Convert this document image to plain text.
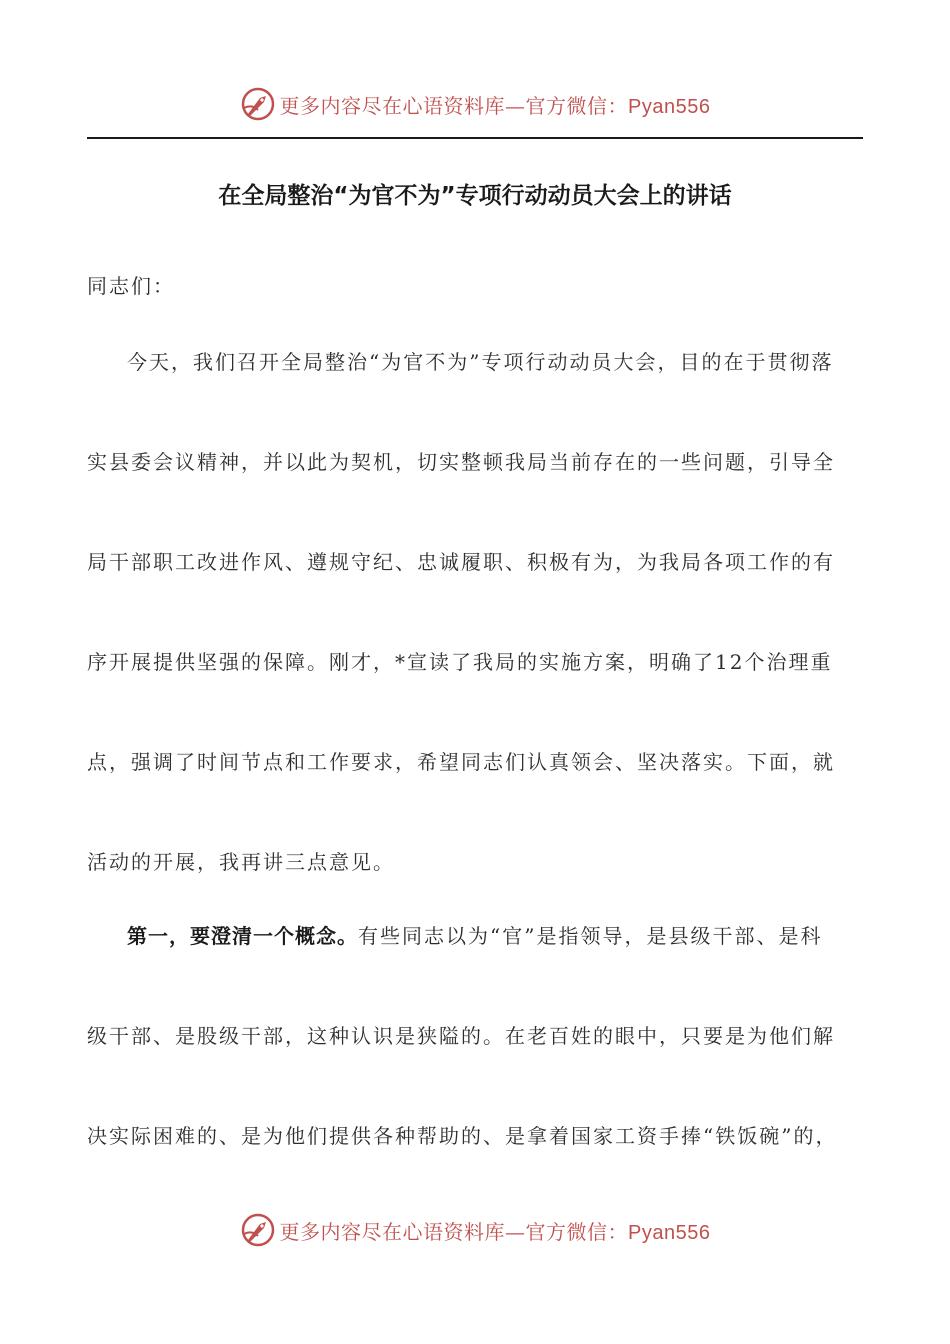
更多内容尽在心语资料库—官方微信：Pyan556
在全局整治“为官不为”专项行动动员大会上的讲话
同志们：
今天，我们召开全局整治“为官不为”专项行动动员大会，目的在于贯彻落
实县委会议精神，并以此为契机，切实整顿我局当前存在的一些问题，引导全
局干部职工改进作风、遵规守纪、忠诚履职、积极有为，为我局各项工作的有
序开展提供坚强的保障。刚才，*宣读了我局的实施方案，明确了12个治理重
点，强调了时间节点和工作要求，希望同志们认真领会、坚决落实。下面，就
活动的开展，我再讲三点意见。
第一，要澄清一个概念。有些同志以为“官”是指领导，是县级干部、是科
级干部、是股级干部，这种认识是狭隘的。在老百姓的眼中，只要是为他们解
决实际困难的、是为他们提供各种帮助的、是拿着国家工资手捧“铁饭碗”的，
更多内容尽在心语资料库—官方微信：Pyan556
